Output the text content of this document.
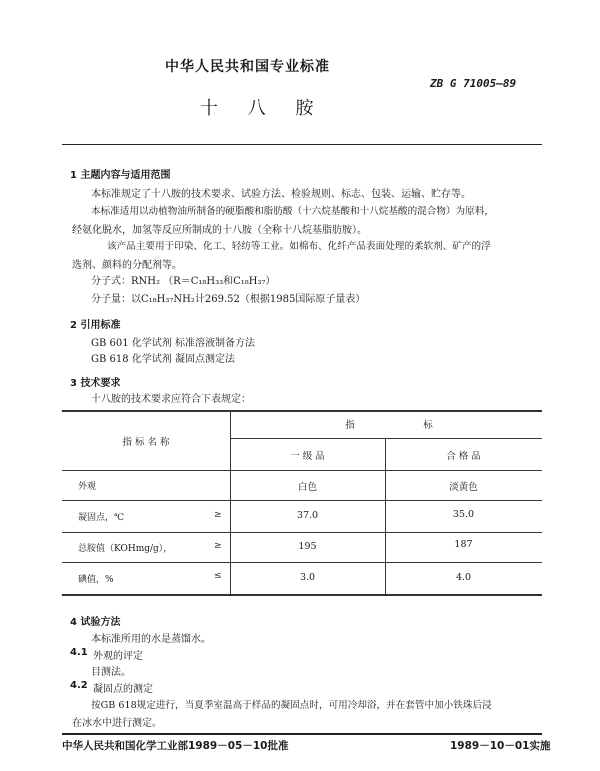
中华人民共和国专业标准
ZB G 71005—89
十 八 胺
1 主题内容与适用范围
本标准规定了十八胺的技术要求、试验方法、检验规则、标志、包装、运输、贮存等。
本标准适用以动植物油所制备的硬脂酸和脂肪酸（十六烷基酸和十八烷基酸的混合物）为原料，
经氨化脱水，加氢等反应所制成的十八胺（全称十八烷基脂肪胺）。
该产品主要用于印染、化工、轻纺等工业。如棉布、化纤产品表面处理的柔软剂、矿产的浮
选剂、颜料的分配剂等。
分子式：RNH₂ （R＝C₁₈H₃₃和C₁₈H₃₇）
分子量：以C₁₈H₃₇NH₂计269.52（根据1985国际原子量表）
2 引用标准
GB 601 化学试剂 标准溶液制备方法
GB 618 化学试剂 凝固点测定法
3 技术要求
十八胺的技术要求应符合下表规定：
指 标 名 称
指	标
一 级 品	合 格 品
外观	白色	淡黄色
凝固点，℃	≥	37.0	35.0
总胺值（KOHmg/g），	≥	195	187
碘值，%	≤	3.0	4.0
4 试验方法
本标准所用的水是蒸馏水。
4.1 外观的评定
目测法。
4.2 凝固点的测定
按GB 618规定进行，当夏季室温高于样品的凝固点时，可用冷却浴，并在套管中加小铁珠后浸
在冰水中进行测定。
中华人民共和国化学工业部1989－05－10批准	1989－10－01实施
